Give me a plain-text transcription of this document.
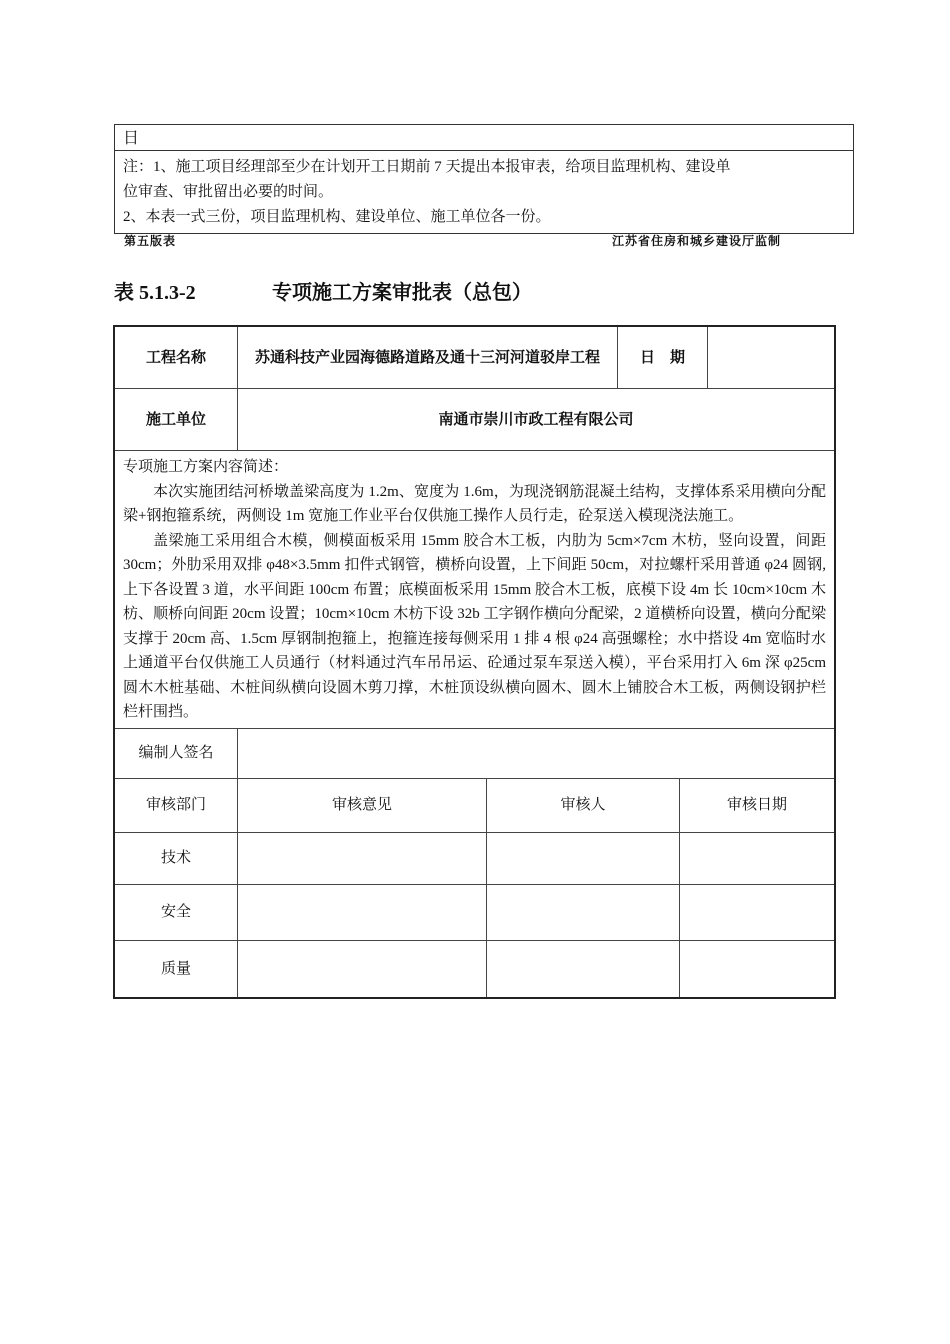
日
注：1、施工项目经理部至少在计划开工日期前 7 天提出本报审表，给项目监理机构、建设单
位审查、审批留出必要的时间。
2、本表一式三份，项目监理机构、建设单位、施工单位各一份。
第五版表	江苏省住房和城乡建设厅监制
表 5.1.3-2	专项施工方案审批表（总包）
工程名称	苏通科技产业园海德路道路及通十三河河道驳岸工程	日　期
施工单位	南通市崇川市政工程有限公司

专项施工方案内容简述：

本次实施团结河桥墩盖梁高度为 1.2m、宽度为 1.6m，为现浇钢筋混凝土结构，支撑体系采用横向分配梁+钢抱箍系统，两侧设 1m 宽施工作业平台仅供施工操作人员行走，砼泵送入模现浇法施工。

盖梁施工采用组合木模，侧模面板采用 15mm 胶合木工板，内肋为 5cm×7cm 木枋，竖向设置，间距 30cm；外肋采用双排 φ48×3.5mm 扣件式钢管，横桥向设置，上下间距 50cm，对拉螺杆采用普通 φ24 圆钢, 上下各设置 3 道，水平间距 100cm 布置；底模面板采用 15mm 胶合木工板，底模下设 4m 长 10cm×10cm 木枋、顺桥向间距 20cm 设置；10cm×10cm 木枋下设 32b 工字钢作横向分配梁，2 道横桥向设置，横向分配梁支撑于 20cm 高、1.5cm 厚钢制抱箍上，抱箍连接每侧采用 1 排 4 根 φ24 高强螺栓；水中搭设 4m 宽临时水上通道平台仅供施工人员通行（材料通过汽车吊吊运、砼通过泵车泵送入模），平台采用打入 6m 深 φ25cm 圆木木桩基础、木桩间纵横向设圆木剪刀撑，木桩顶设纵横向圆木、圆木上铺胶合木工板，两侧设钢护栏栏杆围挡。

编制人签名
审核部门	审核意见	审核人	审核日期
技术
安全
质量
